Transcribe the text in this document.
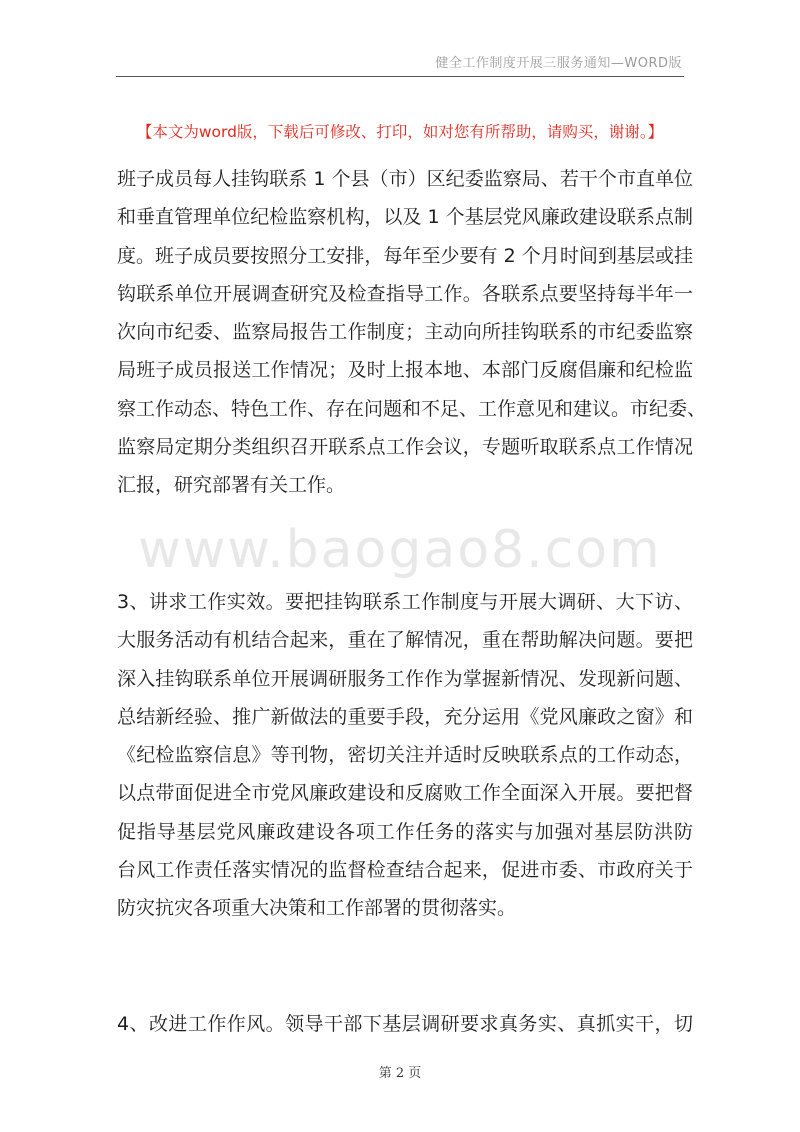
健全工作制度开展三服务通知—WORD版
【本文为word版，下载后可修改、打印，如对您有所帮助，请购买，谢谢。】
www.baogao8.com
班子成员每人挂钩联系 1 个县（市）区纪委监察局、若干个市直单位
和垂直管理单位纪检监察机构，以及 1 个基层党风廉政建设联系点制
度。班子成员要按照分工安排，每年至少要有 2 个月时间到基层或挂
钩联系单位开展调查研究及检查指导工作。各联系点要坚持每半年一
次向市纪委、监察局报告工作制度；主动向所挂钩联系的市纪委监察
局班子成员报送工作情况；及时上报本地、本部门反腐倡廉和纪检监
察工作动态、特色工作、存在问题和不足、工作意见和建议。市纪委、
监察局定期分类组织召开联系点工作会议，专题听取联系点工作情况
汇报，研究部署有关工作。
3、讲求工作实效。要把挂钩联系工作制度与开展大调研、大下访、
大服务活动有机结合起来，重在了解情况，重在帮助解决问题。要把
深入挂钩联系单位开展调研服务工作作为掌握新情况、发现新问题、
总结新经验、推广新做法的重要手段，充分运用《党风廉政之窗》和
《纪检监察信息》等刊物，密切关注并适时反映联系点的工作动态，
以点带面促进全市党风廉政建设和反腐败工作全面深入开展。要把督
促指导基层党风廉政建设各项工作任务的落实与加强对基层防洪防
台风工作责任落实情况的监督检查结合起来，促进市委、市政府关于
防灾抗灾各项重大决策和工作部署的贯彻落实。
4、改进工作作风。领导干部下基层调研要求真务实、真抓实干，切
第 2 页
